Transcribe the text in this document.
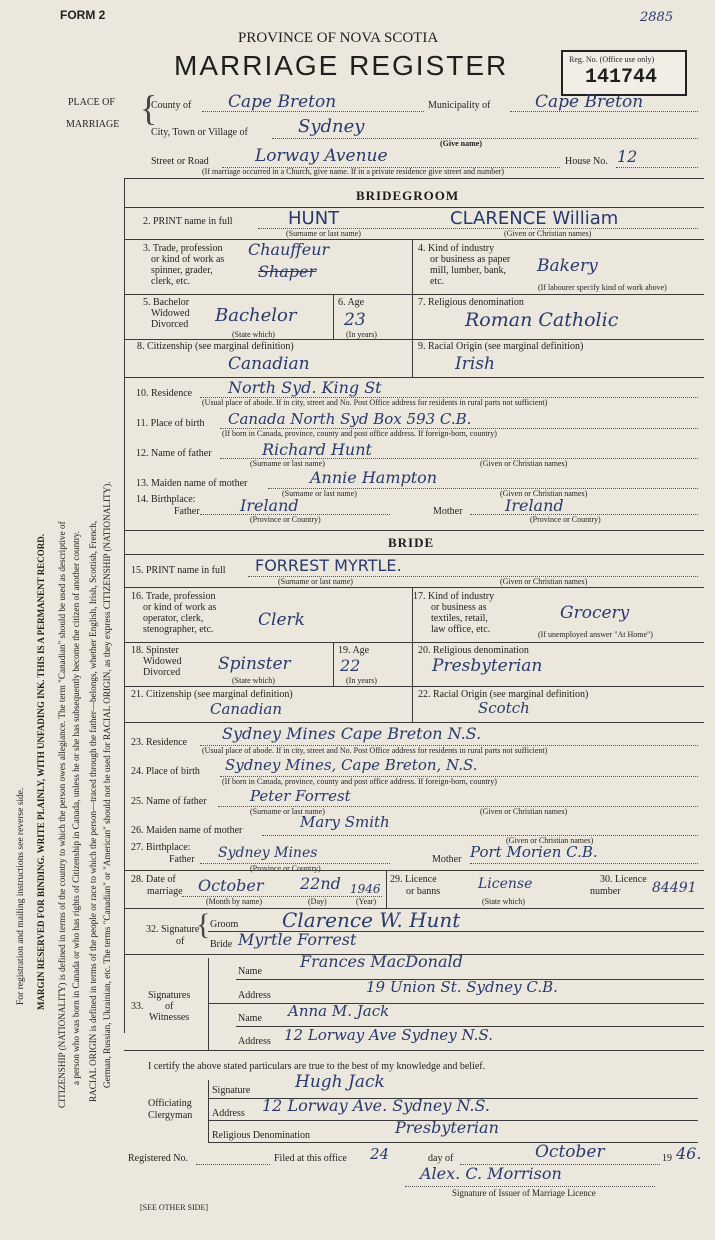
FORM 2	2885
PROVINCE OF NOVA SCOTIA
MARRIAGE REGISTER	Reg. No. (Office use only)
141744
PLACE OF
MARRIAGE {
County of Cape Breton	Municipality of	Cape Breton
City, Town or Village of	Sydney
(Give name)
Street or Road	Lorway Avenue	House No. 12
(If marriage occurred in a Church, give name. If in a private residence give street and number)
BRIDEGROOM
2. PRINT name in full	HUNT	CLARENCE William
(Surname or last name)	(Given or Christian names)
3. Trade, profession
or kind of work as
spinner, grader,
clerk, etc.
Chauffeur
Shaper
4. Kind of industry
or business as paper
mill, lumber, bank,
etc.
Bakery
(If labourer specify kind of work above)
5. Bachelor
Widowed
Divorced Bachelor
(State which)
6. Age
23
(In years)
7. Religious denomination
Roman Catholic
8. Citizenship (see marginal definition)
Canadian
9. Racial Origin (see marginal definition)
Irish
10. Residence North Syd. King St
(Usual place of abode. If in city, street and No. Post Office address for residents in rural parts not sufficient)
11. Place of birth Canada North Syd Box 593 C.B.
(If born in Canada, province, county and post office address. If foreign-born, country)
12. Name of father	Richard Hunt
(Surname or last name)	(Given or Christian names)
13. Maiden name of mother	Annie Hampton
(Surname or last name)	(Given or Christian names)
14. Birthplace:
Father	Ireland
(Province or Country)
Mother	Ireland
(Province or Country)
BRIDE
15. PRINT name in full FORREST MYRTLE.
(Surname or last name)	(Given or Christian names)
16. Trade, profession
or kind of work as
operator, clerk,
stenographer, etc.	Clerk
17. Kind of industry
or business as
textiles, retail,
law office, etc.
Grocery
(If unemployed answer "At Home")
18. Spinster
Widowed
Divorced Spinster
(State which)
19. Age
22
(In years)
20. Religious denomination
Presbyterian
21. Citizenship (see marginal definition)
Canadian
22. Racial Origin (see marginal definition)
Scotch
23. Residence Sydney Mines Cape Breton N.S.
(Usual place of abode. If in city, street and No. Post Office address for residents in rural parts not sufficient)
24. Place of birth Sydney Mines, Cape Breton, N.S.
(If born in Canada, province, county and post office address. If foreign-born, country)
25. Name of father	Peter Forrest
(Surname or last name)	(Given or Christian names)
26. Maiden name of mother	Mary Smith
(Given or Christian names)
27. Birthplace:
Father Sydney Mines
(Province or Country)
Mother Port Morien C.B.
28. Date of
marriage October 22nd 1946
(Month by name)	(Day)	(Year)
29. Licence
or banns	License
(State which)
30. Licence
number	84491
32. Signature
of
{ Groom Clarence W. Hunt
Bride Myrtle Forrest
Signatures
of
Witnesses
33.
Name
Frances MacDonald
Address	19 Union St. Sydney C.B.
Name Anna M. Jack
Address 12 Lorway Ave Sydney N.S.
I certify the above stated particulars are true to the best of my knowledge and belief.
Officiating
Clergyman
Signature	Hugh Jack
Address 12 Lorway Ave. Sydney N.S.
Religious Denomination	Presbyterian
Registered No.	Filed at this office 24	day of	October	19 46.
Alex. C. Morrison
Signature of Issuer of Marriage Licence
[SEE OTHER SIDE]
For registration and mailing instructions see reverse side. MARGIN RESERVED FOR BINDING. WRITE PLAINLY, WITH UNFADING INK. THIS IS A PERMANENT RECORD. CITIZENSHIP (NATIONALITY) is defined in terms of the country to which the person owes allegiance. The term "Canadian" should be used as descriptive of a person who was born in Canada or who has rights of Citizenship in Canada, unless he or she has subsequently become the citizen of another country. RACIAL ORIGIN is defined in terms of the people or race to which the person—traced through the father—belongs, whether English, Irish, Scottish, French, German, Russian, Ukrainian, etc. The terms "Canadian" or "American" should not be used for RACIAL ORIGIN, as they express CITIZENSHIP (NATIONALITY).
